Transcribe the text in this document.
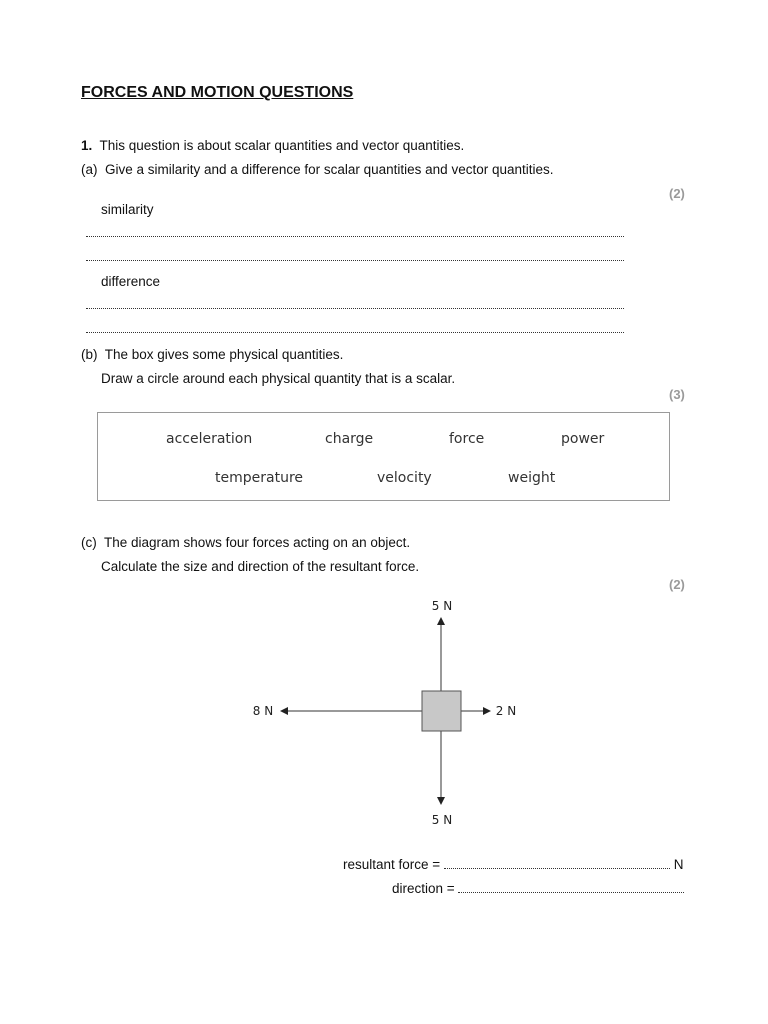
FORCES AND MOTION QUESTIONS
1. This question is about scalar quantities and vector quantities.
(a) Give a similarity and a difference for scalar quantities and vector quantities.
(2)
similarity
difference
(b) The box gives some physical quantities.
Draw a circle around each physical quantity that is a scalar.
(3)
acceleration	charge	force	power
temperature	velocity	weight
(c) The diagram shows four forces acting on an object.
Calculate the size and direction of the resultant force.
(2)
5 N
5 N
8 N	2 N
resultant force =	N
direction =
